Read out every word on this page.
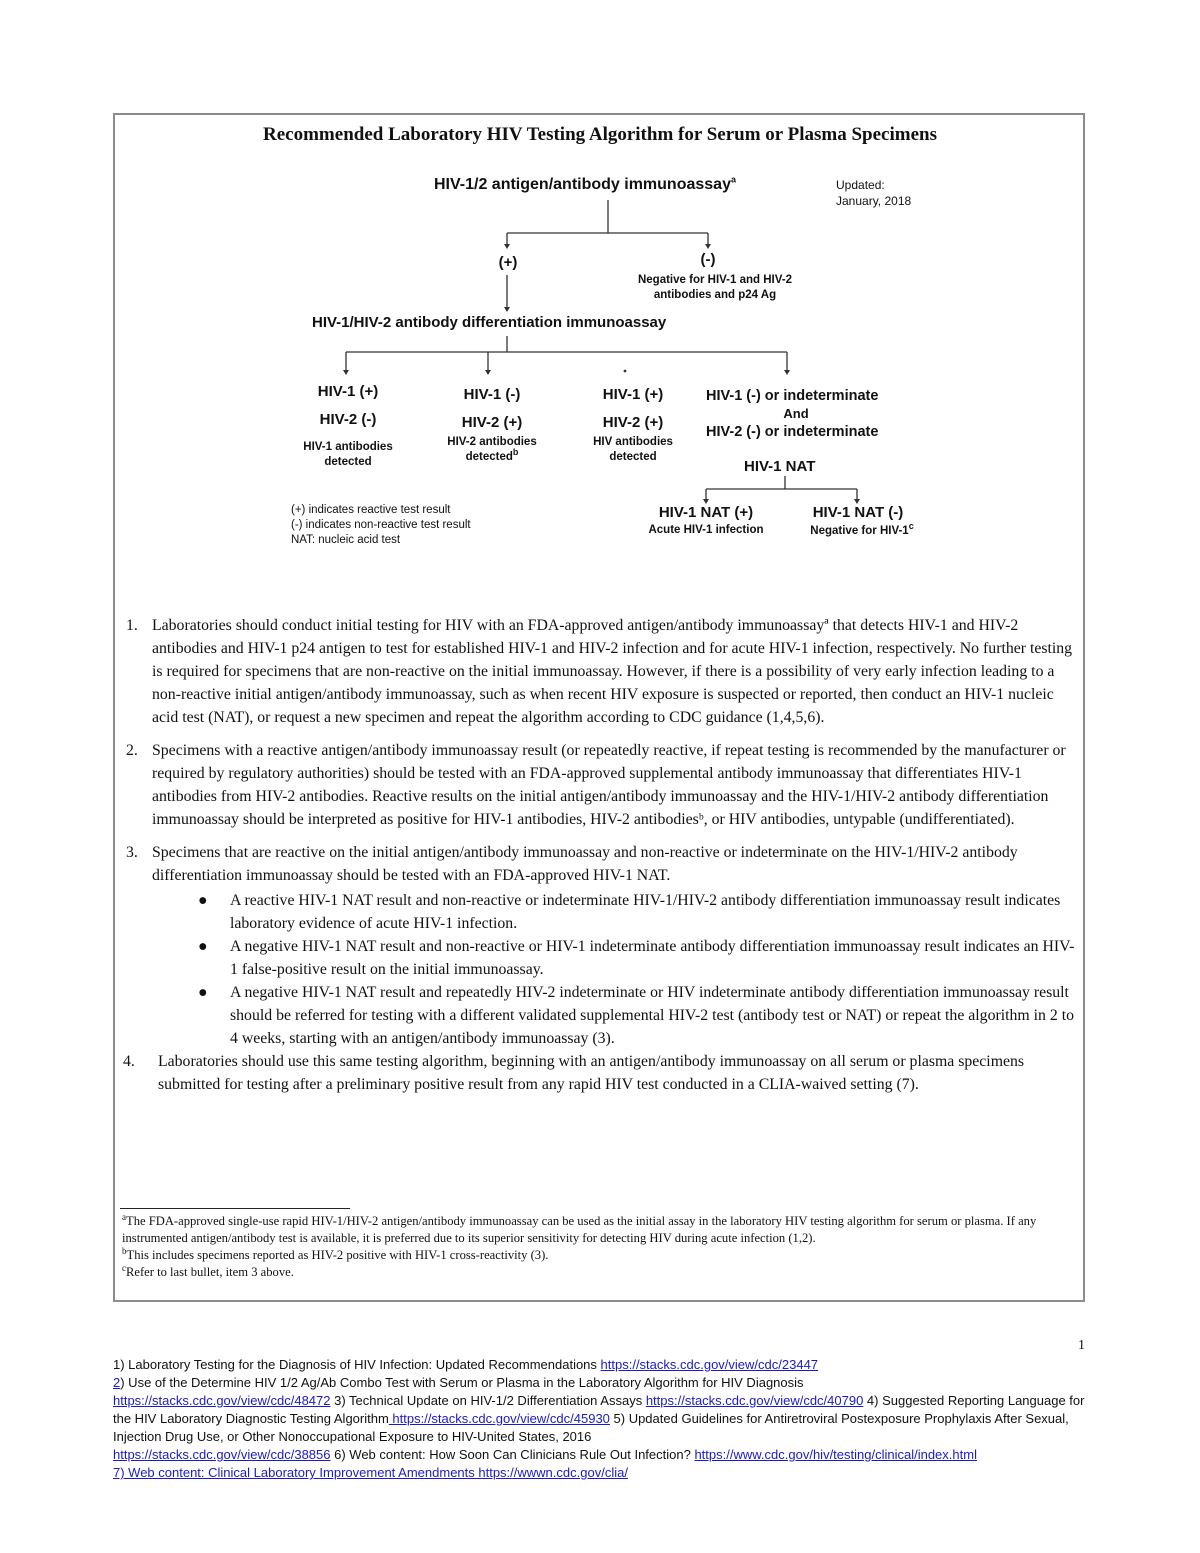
Recommended Laboratory HIV Testing Algorithm for Serum or Plasma Specimens
HIV-1/2 antigen/antibody immunoassay$^a$	Updated:
January, 2018
(+)	(-)
Negative for HIV-1 and HIV-2
antibodies and p24 Ag
HIV-1/HIV-2 antibody differentiation immunoassay
HIV-1 (+)
HIV-2 (-)
HIV-1 antibodies
detected
HIV-1 (-)
HIV-2 (+)
HIV-2 antibodies
detected$^b$
HIV-1 (+)
HIV-2 (+)
HIV antibodies
detected
HIV-1 (-) or indeterminate
And
HIV-2 (-) or indeterminate
HIV-1 NAT
HIV-1 NAT (+)
Acute HIV-1 infection
HIV-1 NAT (-)
Negative for HIV-1$^c$
(+) indicates reactive test result
(-) indicates non-reactive test result
NAT: nucleic acid test
1. Laboratories should conduct initial testing for HIV with an FDA-approved antigen/antibody immunoassayª that detects HIV-1 and HIV-2 antibodies and HIV-1 p24 antigen to test for established HIV-1 and HIV-2 infection and for acute HIV-1 infection, respectively. No further testing is required for specimens that are non-reactive on the initial immunoassay. However, if there is a possibility of very early infection leading to a non-reactive initial antigen/antibody immunoassay, such as when recent HIV exposure is suspected or reported, then conduct an HIV-1 nucleic acid test (NAT), or request a new specimen and repeat the algorithm according to CDC guidance (1,4,5,6).
2. Specimens with a reactive antigen/antibody immunoassay result (or repeatedly reactive, if repeat testing is recommended by the manufacturer or required by regulatory authorities) should be tested with an FDA-approved supplemental antibody immunoassay that differentiates HIV-1 antibodies from HIV-2 antibodies. Reactive results on the initial antigen/antibody immunoassay and the HIV-1/HIV-2 antibody differentiation immunoassay should be interpreted as positive for HIV-1 antibodies, HIV-2 antibodiesᵇ, or HIV antibodies, untypable (undifferentiated).
3. Specimens that are reactive on the initial antigen/antibody immunoassay and non-reactive or indeterminate on the HIV-1/HIV-2 antibody differentiation immunoassay should be tested with an FDA-approved HIV-1 NAT.
● A reactive HIV-1 NAT result and non-reactive or indeterminate HIV-1/HIV-2 antibody differentiation immunoassay result indicates laboratory evidence of acute HIV-1 infection.
● A negative HIV-1 NAT result and non-reactive or HIV-1 indeterminate antibody differentiation immunoassay result indicates an HIV-1 false-positive result on the initial immunoassay.
● A negative HIV-1 NAT result and repeatedly HIV-2 indeterminate or HIV indeterminate antibody differentiation immunoassay result should be referred for testing with a different validated supplemental HIV-2 test (antibody test or NAT) or repeat the algorithm in 2 to 4 weeks, starting with an antigen/antibody immunoassay (3).
4. Laboratories should use this same testing algorithm, beginning with an antigen/antibody immunoassay on all serum or plasma specimens submitted for testing after a preliminary positive result from any rapid HIV test conducted in a CLIA-waived setting (7).
$^a$The FDA-approved single-use rapid HIV-1/HIV-2 antigen/antibody immunoassay can be used as the initial assay in the laboratory HIV testing algorithm for serum or plasma. If any instrumented antigen/antibody test is available, it is preferred due to its superior sensitivity for detecting HIV during acute infection (1,2).
$^b$This includes specimens reported as HIV-2 positive with HIV-1 cross-reactivity (3).
$^c$Refer to last bullet, item 3 above.
1
1) Laboratory Testing for the Diagnosis of HIV Infection: Updated Recommendations https://stacks.cdc.gov/view/cdc/23447
2) Use of the Determine HIV 1/2 Ag/Ab Combo Test with Serum or Plasma in the Laboratory Algorithm for HIV Diagnosis
https://stacks.cdc.gov/view/cdc/48472 3) Technical Update on HIV-1/2 Differentiation Assays https://stacks.cdc.gov/view/cdc/40790 4) Suggested Reporting Language for the HIV Laboratory Diagnostic Testing Algorithm https://stacks.cdc.gov/view/cdc/45930 5) Updated Guidelines for Antiretroviral Postexposure Prophylaxis After Sexual, Injection Drug Use, or Other Nonoccupational Exposure to HIV-United States, 2016
https://stacks.cdc.gov/view/cdc/38856 6) Web content: How Soon Can Clinicians Rule Out Infection? https://www.cdc.gov/hiv/testing/clinical/index.html
7) Web content: Clinical Laboratory Improvement Amendments https://wwwn.cdc.gov/clia/
